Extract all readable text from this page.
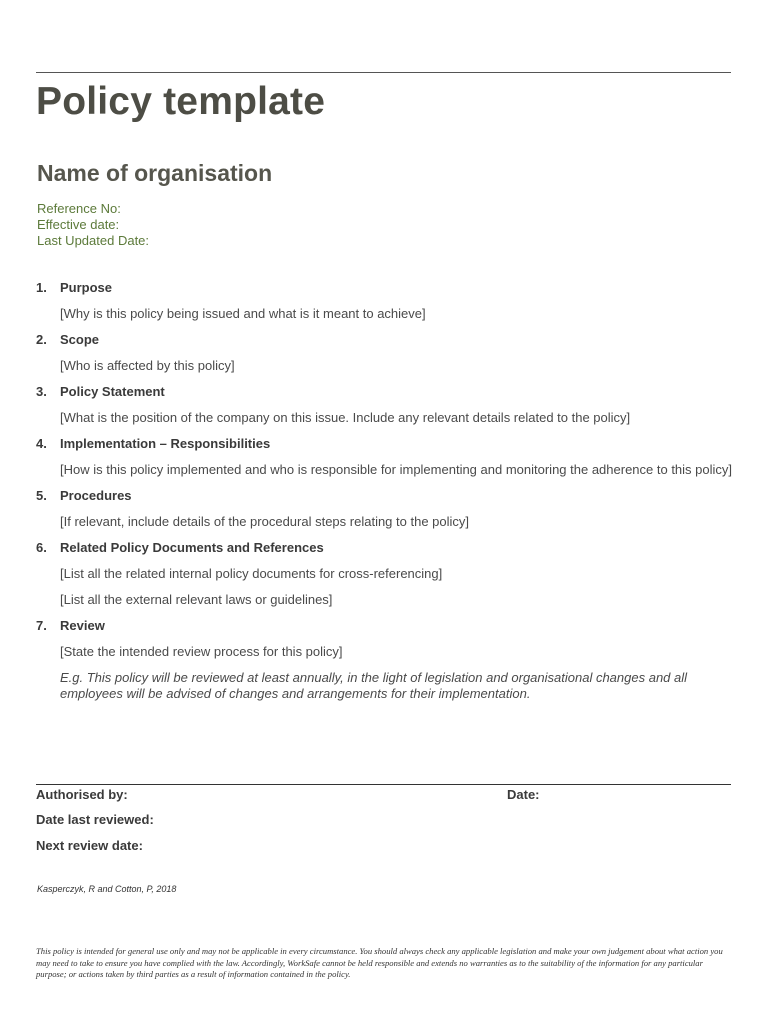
Policy template
Name of organisation
Reference No:
Effective date:
Last Updated Date:
1. Purpose

[Why is this policy being issued and what is it meant to achieve]

2. Scope

[Who is affected by this policy]

3. Policy Statement

[What is the position of the company on this issue. Include any relevant details related to the policy]

4. Implementation – Responsibilities

[How is this policy implemented and who is responsible for implementing and monitoring the adherence to this policy]

5. Procedures

[If relevant, include details of the procedural steps relating to the policy]

6. Related Policy Documents and References

[List all the related internal policy documents for cross-referencing]

[List all the external relevant laws or guidelines]

7. Review

[State the intended review process for this policy]

E.g. This policy will be reviewed at least annually, in the light of legislation and organisational changes and all employees will be advised of changes and arrangements for their implementation.

Authorised by:	Date:
Date last reviewed:
Next review date:
Kasperczyk, R and Cotton, P, 2018
This policy is intended for general use only and may not be applicable in every circumstance. You should always check any applicable legislation and make your own judgement about what action you may need to take to ensure you have complied with the law. Accordingly, WorkSafe cannot be held responsible and extends no warranties as to the suitability of the information for any particular purpose; or actions taken by third parties as a result of information contained in the policy.
